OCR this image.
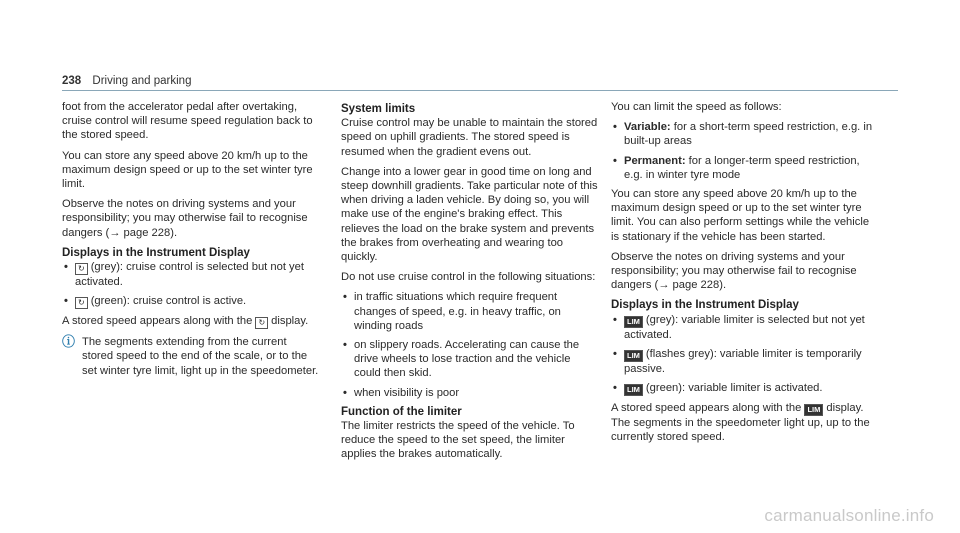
238 Driving and parking

foot from the accelerator pedal after overtaking, cruise control will resume speed regulation back to the stored speed.

You can store any speed above 20 km/h up to the maximum design speed or up to the set winter tyre limit.

Observe the notes on driving systems and your responsibility; you may otherwise fail to recognise dangers (→ page 228).

Displays in the Instrument Display
• ↻ (grey): cruise control is selected but not yet activated.
• ↻ (green): cruise control is active.

A stored speed appears along with the ↻ display.

ⓘ The segments extending from the current stored speed to the end of the scale, or to the set winter tyre limit, light up in the speedometer.
System limits

Cruise control may be unable to maintain the stored speed on uphill gradients. The stored speed is resumed when the gradient evens out.

Change into a lower gear in good time on long and steep downhill gradients. Take particular note of this when driving a laden vehicle. By doing so, you will make use of the engine's braking effect. This relieves the load on the brake system and prevents the brakes from overheating and wearing too quickly.

Do not use cruise control in the following situations:

• in traffic situations which require frequent changes of speed, e.g. in heavy traffic, on winding roads
• on slippery roads. Accelerating can cause the drive wheels to lose traction and the vehicle could then skid.
• when visibility is poor
Function of the limiter

The limiter restricts the speed of the vehicle. To reduce the speed to the set speed, the limiter applies the brakes automatically.

You can limit the speed as follows:

• Variable: for a short-term speed restriction, e.g. in built-up areas
• Permanent: for a longer-term speed restriction, e.g. in winter tyre mode

You can store any speed above 20 km/h up to the maximum design speed or up to the set winter tyre limit. You can also perform settings while the vehicle is stationary if the vehicle has been started.

Observe the notes on driving systems and your responsibility; you may otherwise fail to recognise dangers (→ page 228).

Displays in the Instrument Display
• LIM (grey): variable limiter is selected but not yet activated.
• LIM (flashes grey): variable limiter is temporarily passive.
• LIM (green): variable limiter is activated.

A stored speed appears along with the LIM display. The segments in the speedometer light up, up to the currently stored speed.

carmanualsonline.info
